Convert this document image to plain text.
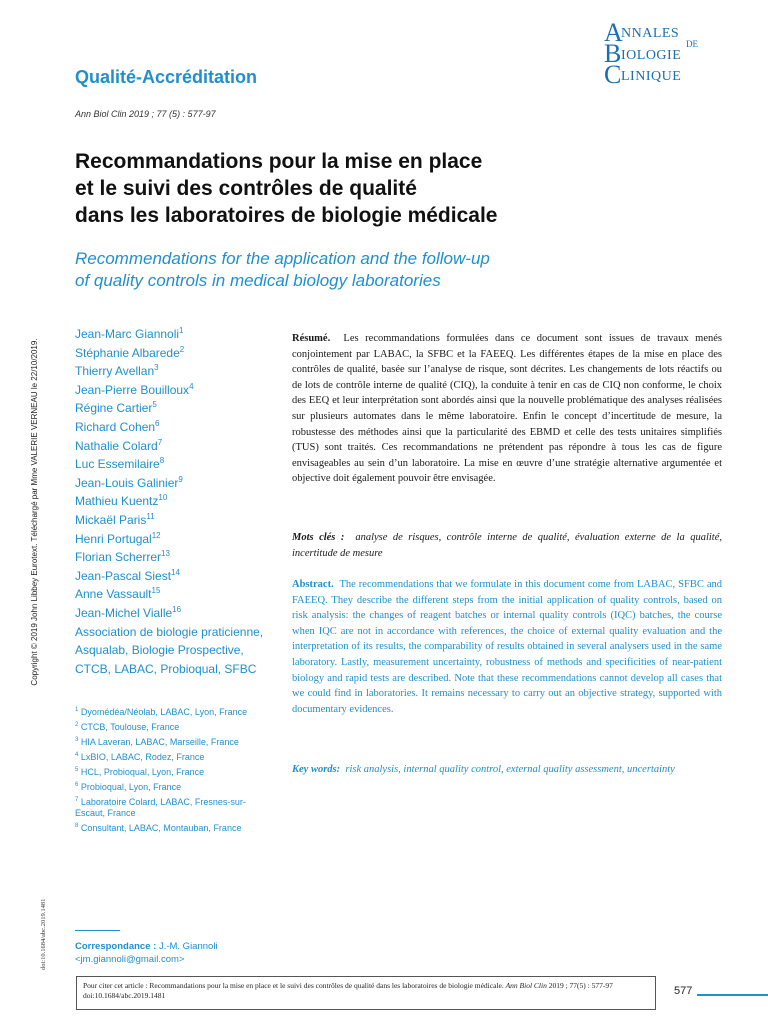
Qualité-Accréditation
A
NNALES
DE
B IOLOGIE
C LINIQUE
Ann Biol Clin 2019 ; 77 (5) : 577-97
Recommandations pour la mise en place
et le suivi des contrôles de qualité
dans les laboratoires de biologie médicale
Recommendations for the application and the follow-up
of quality controls in medical biology laboratories
Copyright © 2019 John Libbey Eurotext. Téléchargé par Mme VALERIE VERNEAU le 22/10/2019.
doi:10.1684/abc.2019.1481
Jean-Marc Giannoli$^1$
Stéphanie Albarede$^2$
Thierry Avellan$^3$
Jean-Pierre Bouilloux$^4$
Régine Cartier$^5$
Richard Cohen$^6$
Nathalie Colard$^7$
Luc Essemilaire$^8$
Jean-Louis Galinier$^9$
Mathieu Kuentz$^{10}$
Mickaël Paris$^{11}$
Henri Portugal$^{12}$
Florian Scherrer$^{13}$
Jean-Pascal Siest$^{14}$
Anne Vassault$^{15}$
Jean-Michel Vialle$^{16}$
Association de biologie praticienne, Asqualab, Biologie Prospective, CTCB, LABAC, Probioqual, SFBC
$^1$ Dyomédéa/Néolab, LABAC, Lyon, France
$^2$ CTCB, Toulouse, France
$^3$ HIA Laveran, LABAC, Marseille, France
$^4$ LxBIO, LABAC, Rodez, France
$^5$ HCL, Probioqual, Lyon, France
$^6$ Probioqual, Lyon, France
$^7$ Laboratoire Colard, LABAC, Fresnes-sur-Escaut, France
$^8$ Consultant, LABAC, Montauban, France
Correspondance : J.-M. Giannoli
<jm.giannoli@gmail.com>
Résumé. Les recommandations formulées dans ce document sont issues de travaux menés conjointement par LABAC, la SFBC et la FAEEQ. Les différentes étapes de la mise en place des contrôles de qualité, basée sur l’analyse de risque, sont décrites. Les changements de lots réactifs ou de lots de contrôle interne de qualité (CIQ), la conduite à tenir en cas de CIQ non conforme, le choix des EEQ et leur interprétation sont abordés ainsi que la nouvelle problématique des analyses réalisées sur plusieurs automates dans le même laboratoire. Enfin le concept d’incertitude de mesure, la robustesse des méthodes ainsi que la particularité des EBMD et celle des tests unitaires simplifiés (TUS) sont traités. Ces recommandations ne prétendent pas répondre à tous les cas de figure envisageables au sein d’un laboratoire. La mise en œuvre d’une stratégie alternative argumentée et objective doit également pouvoir être envisagée.
Mots clés : analyse de risques, contrôle interne de qualité, évaluation externe de la qualité, incertitude de mesure
Abstract. The recommendations that we formulate in this document come from LABAC, SFBC and FAEEQ. They describe the different steps from the initial application of quality controls, based on risk analysis: the changes of reagent batches or internal quality controls (IQC) batches, the course when IQC are not in accordance with references, the choice of external quality evaluation and the interpretation of its results, the comparability of results obtained in several analysers used in the same laboratory. Lastly, measurement uncertainty, robustness of methods and specificities of near-patient biology and rapid tests are described. Note that these recommendations cannot develop all cases that we could find in laboratories. It remains necessary to carry out an objective strategy, supported with documentary evidences.
Key words: risk analysis, internal quality control, external quality assessment, uncertainty
Pour citer cet article : Recommandations pour la mise en place et le suivi des contrôles de qualité dans les laboratoires de biologie médicale. Ann Biol Clin 2019 ; 77(5) : 577-97 doi:10.1684/abc.2019.1481	577
